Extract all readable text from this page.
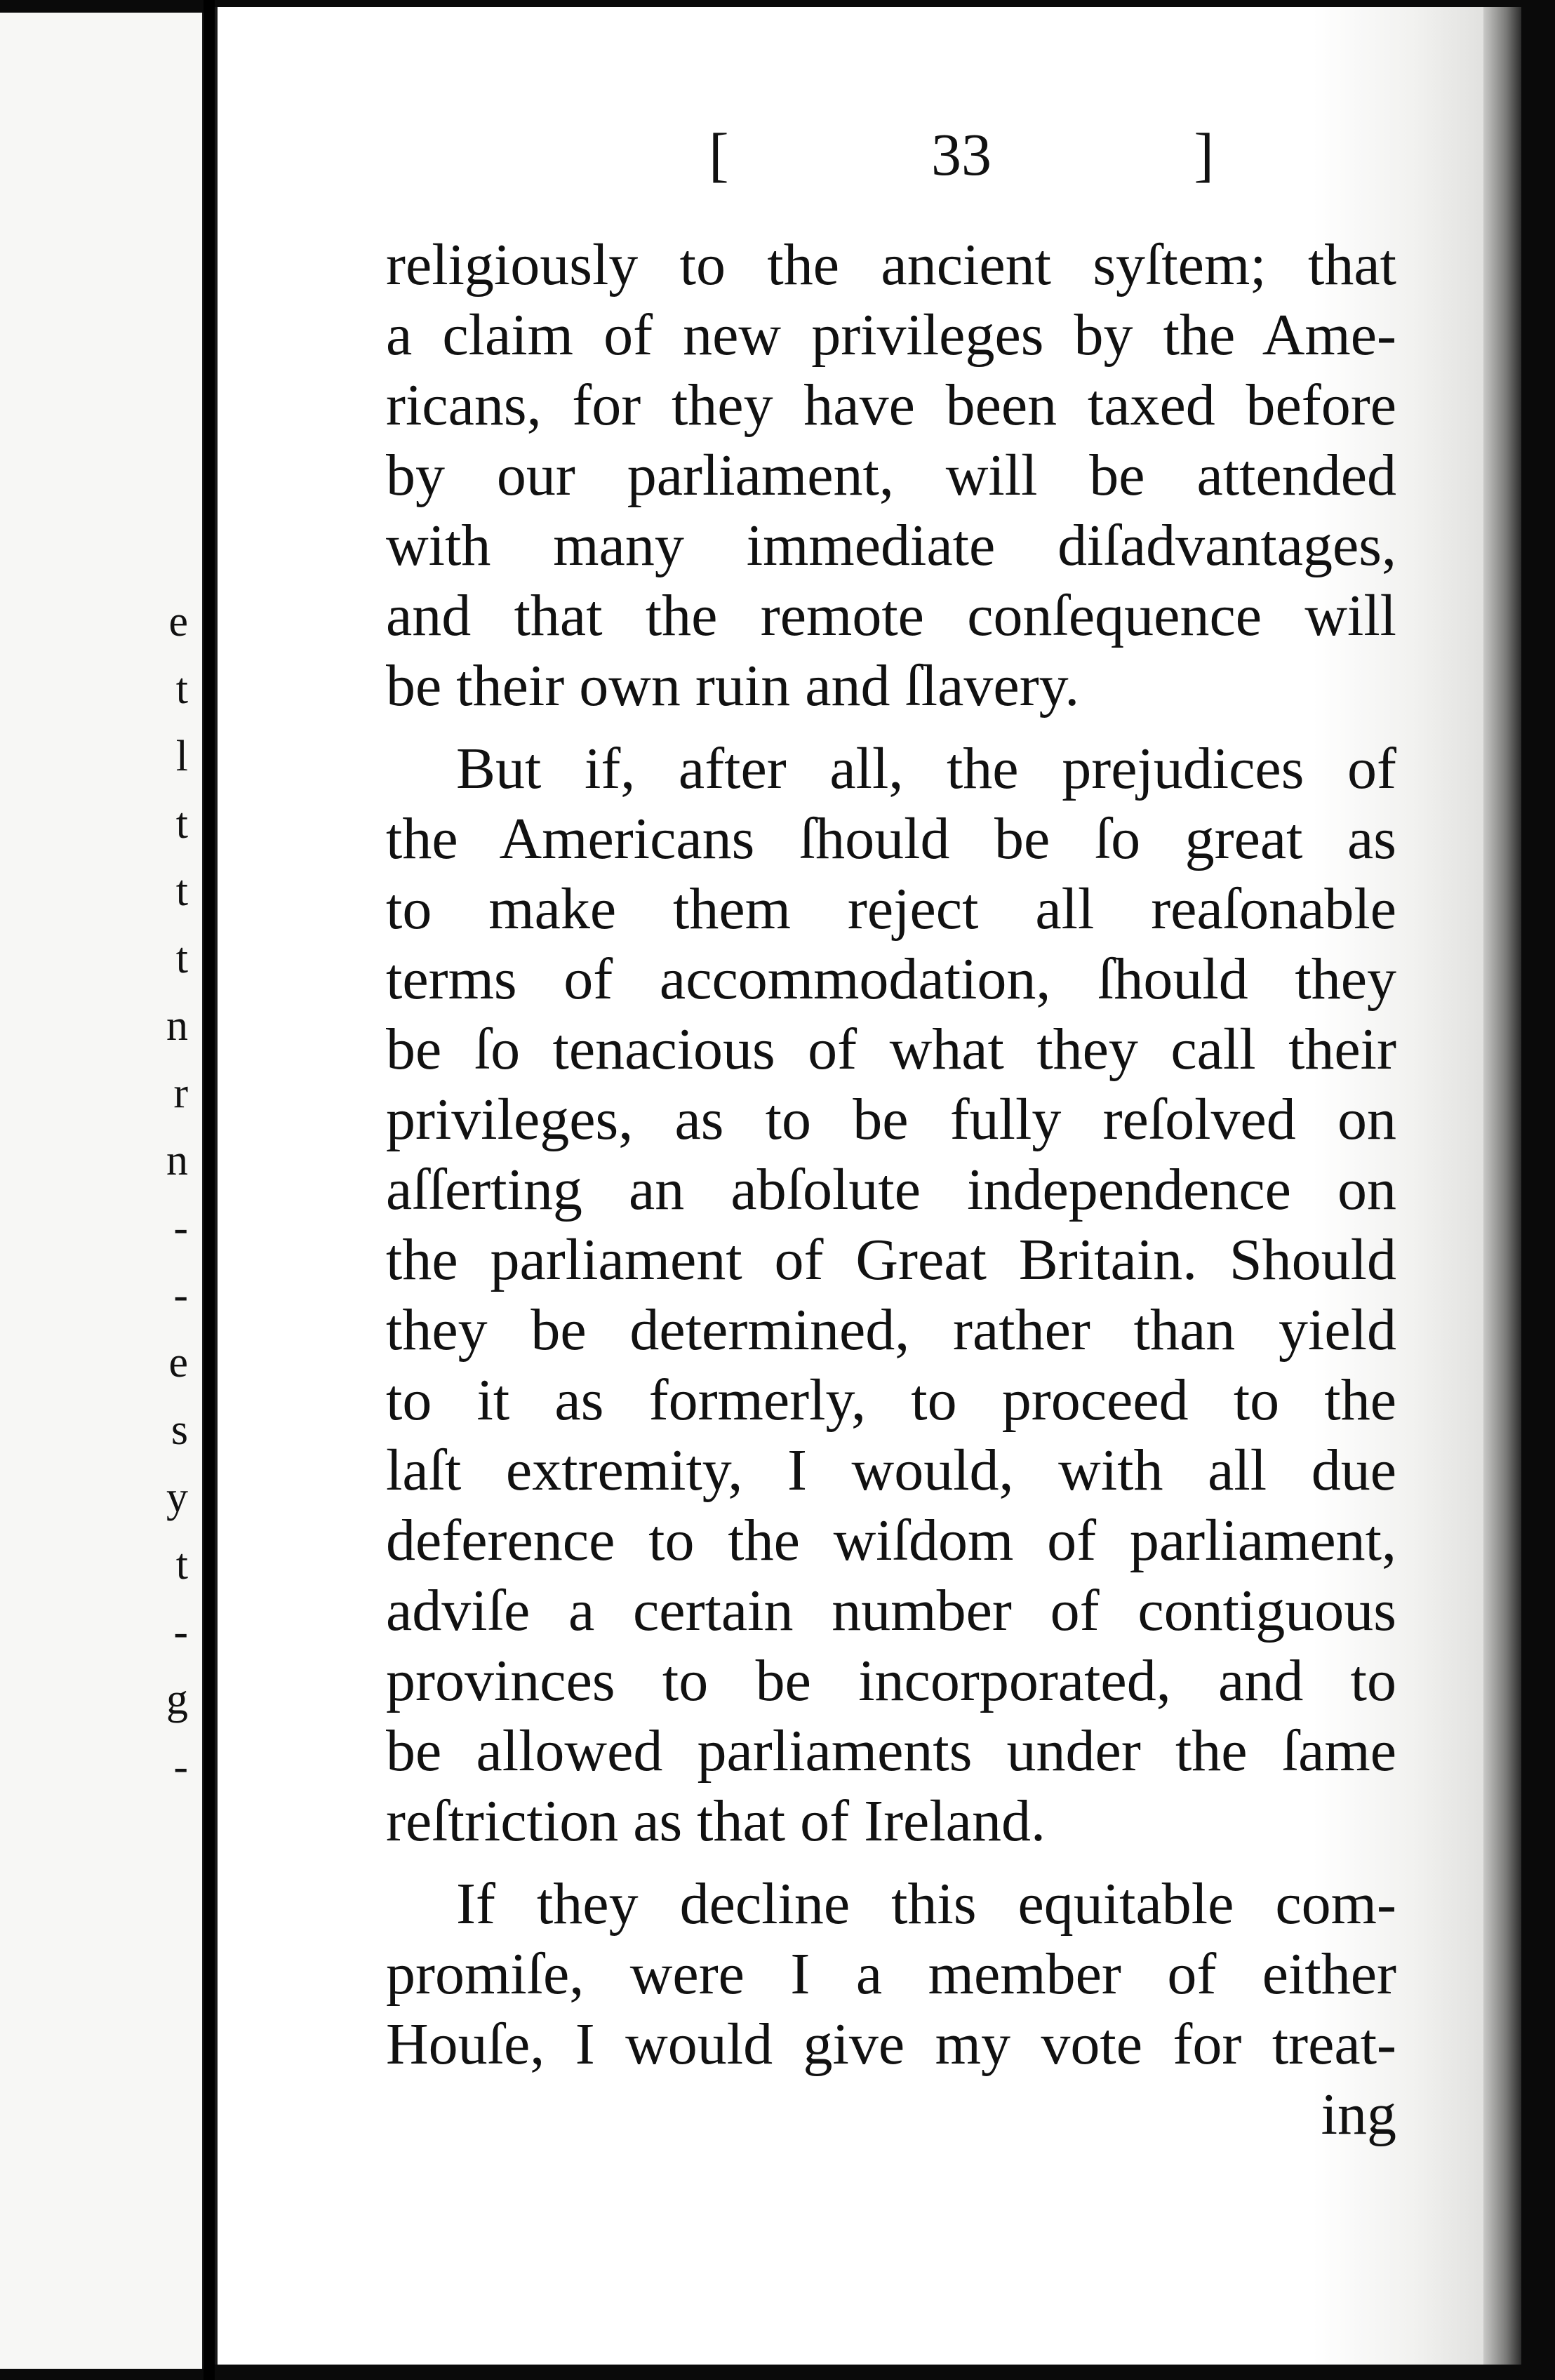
e
t
l
t
t
t
n
r
n
-
-
e
s
y
t
-
g
-
[	33	]
religiously to the ancient syſtem; that
a claim of new privileges by the Ame-
ricans, for they have been taxed before
by our parliament, will be attended
with many immediate diſadvantages,
and that the remote conſequence will
be their own ruin and ſlavery.
But if, after all, the prejudices of
the Americans ſhould be ſo great as
to make them reject all reaſonable
terms of accommodation, ſhould they
be ſo tenacious of what they call their
privileges, as to be fully reſolved on
aſſerting an abſolute independence on
the parliament of Great Britain. Should
they be determined, rather than yield
to it as formerly, to proceed to the
laſt extremity, I would, with all due
deference to the wiſdom of parliament,
adviſe a certain number of contiguous
provinces to be incorporated, and to
be allowed parliaments under the ſame
reſtriction as that of Ireland.
If they decline this equitable com-
promiſe, were I a member of either
Houſe, I would give my vote for treat-
ing
